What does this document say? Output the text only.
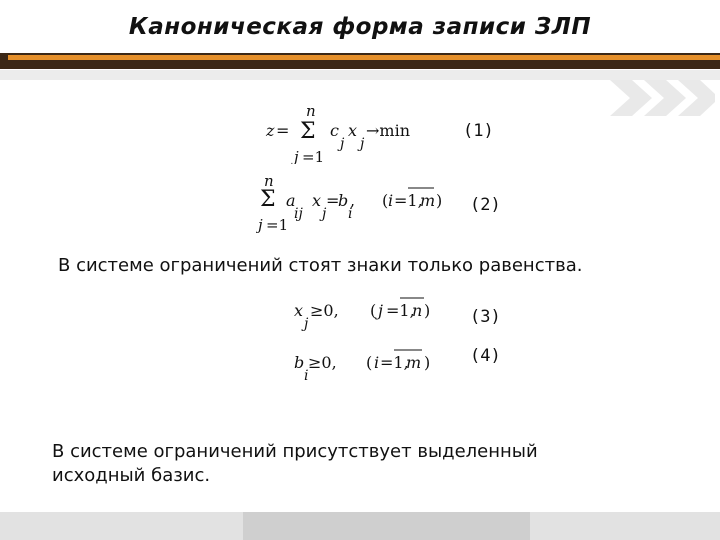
Каноническая форма записи ЗЛП
n
z = Σ c x
j j
→min
j =1
(1)
n
Σ a x =
b ,
ij j i
( i =1,
m )
j =1
(2)
В системе ограничений стоят знаки только равенства.
x ≥0,
j
( j =1,
n ) (3)
b ≥0,
i
( i =1,
m ) (4)
В системе ограничений присутствует выделенный
исходный базис.
